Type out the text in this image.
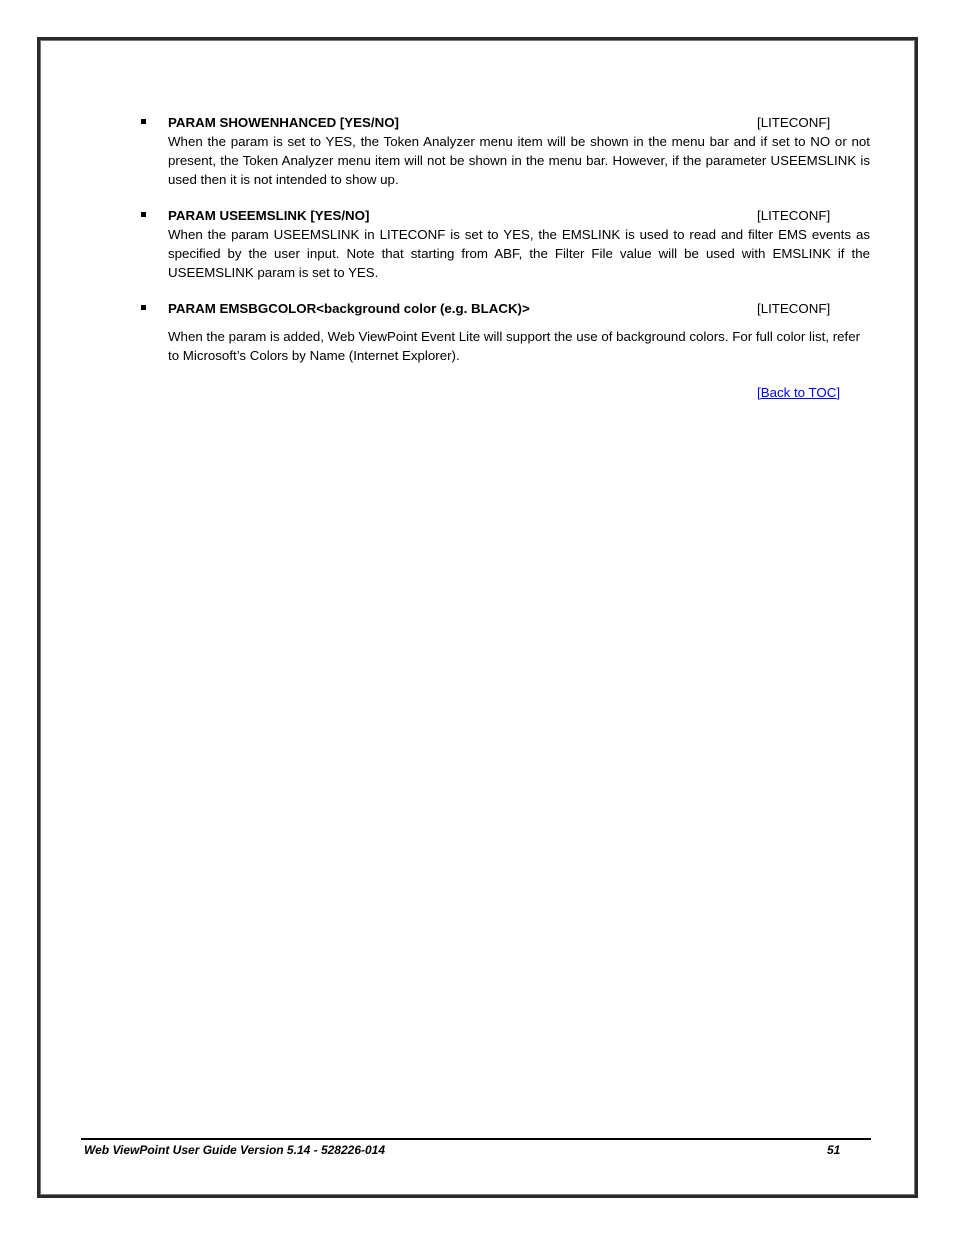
PARAM SHOWENHANCED [YES/NO]	[LITECONF]

When the param is set to YES, the Token Analyzer menu item will be shown in the menu bar and if set to NO or not present, the Token Analyzer menu item will not be shown in the menu bar. However, if the parameter USEEMSLINK is used then it is not intended to show up.

PARAM USEEMSLINK [YES/NO]	[LITECONF]

When the param USEEMSLINK in LITECONF is set to YES, the EMSLINK is used to read and filter EMS events as specified by the user input. Note that starting from ABF, the Filter File value will be used with EMSLINK if the USEEMSLINK param is set to YES.

PARAM EMSBGCOLOR<background color (e.g. BLACK)>	[LITECONF]

When the param is added, Web ViewPoint Event Lite will support the use of background colors. For full color list, refer to Microsoft’s Colors by Name (Internet Explorer).

[Back to TOC]
Web ViewPoint User Guide Version 5.14 - 528226-014	51
